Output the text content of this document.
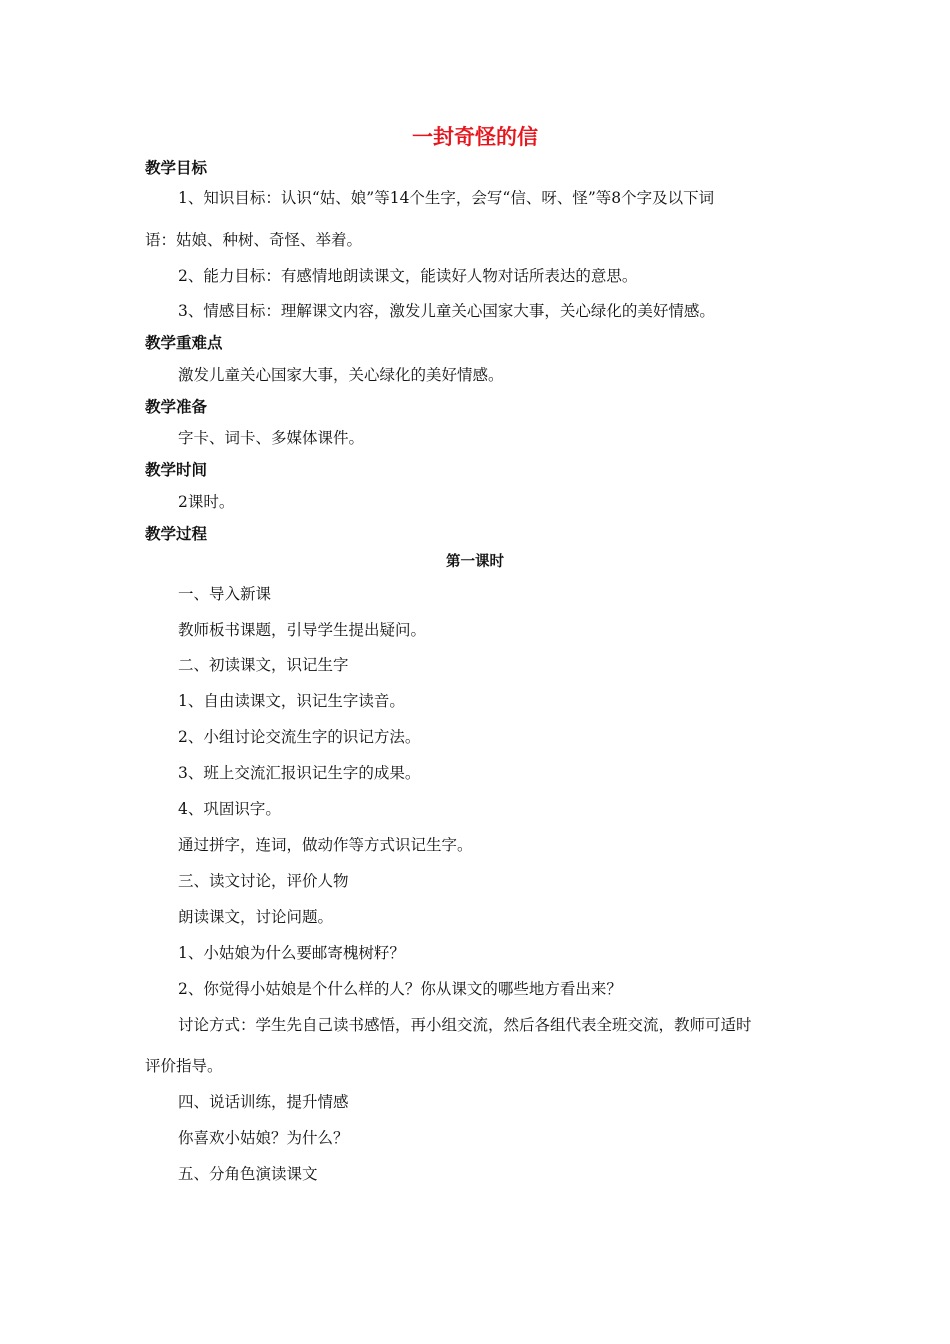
一封奇怪的信
教学目标
1、知识目标：认识“姑、娘”等14个生字，会写“信、呀、怪”等8个字及以下词
语：姑娘、种树、奇怪、举着。
2、能力目标：有感情地朗读课文，能读好人物对话所表达的意思。
3、情感目标：理解课文内容，激发儿童关心国家大事，关心绿化的美好情感。
教学重难点
激发儿童关心国家大事，关心绿化的美好情感。
教学准备
字卡、词卡、多媒体课件。
教学时间
2课时。
教学过程
第一课时
一、导入新课
教师板书课题，引导学生提出疑问。
二、初读课文，识记生字
1、自由读课文，识记生字读音。
2、小组讨论交流生字的识记方法。
3、班上交流汇报识记生字的成果。
4、巩固识字。
通过拼字，连词，做动作等方式识记生字。
三、读文讨论，评价人物
朗读课文，讨论问题。
1、小姑娘为什么要邮寄槐树籽？
2、你觉得小姑娘是个什么样的人？你从课文的哪些地方看出来？
讨论方式：学生先自己读书感悟，再小组交流，然后各组代表全班交流，教师可适时
评价指导。
四、说话训练，提升情感
你喜欢小姑娘？为什么？
五、分角色演读课文
